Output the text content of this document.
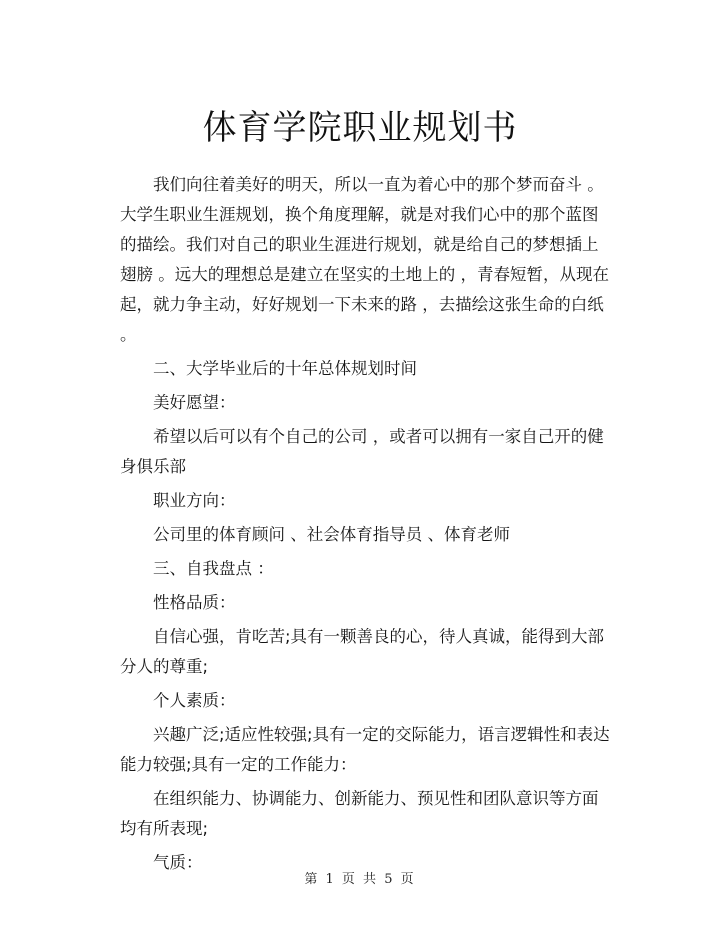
体育学院职业规划书

我们向往着美好的明天，所以一直为着心中的那个梦而奋斗 。大学生职业生涯规划，换个角度理解，就是对我们心中的那个蓝图的描绘。我们对自己的职业生涯进行规划，就是给自己的梦想插上翅膀 。远大的理想总是建立在坚实的土地上的 ，青春短暂，从现在起，就力争主动，好好规划一下未来的路 ，去描绘这张生命的白纸 。

二、大学毕业后的十年总体规划时间

美好愿望：

希望以后可以有个自己的公司 ，或者可以拥有一家自己开的健身俱乐部

职业方向：

公司里的体育顾问 、社会体育指导员 、体育老师

三、自我盘点 ：

性格品质：

自信心强，肯吃苦;具有一颗善良的心，待人真诚，能得到大部分人的尊重;

个人素质：

兴趣广泛;适应性较强;具有一定的交际能力，语言逻辑性和表达能力较强;具有一定的工作能力：

在组织能力、协调能力、创新能力、预见性和团队意识等方面均有所表现;

气质：

第 1 页 共 5 页
